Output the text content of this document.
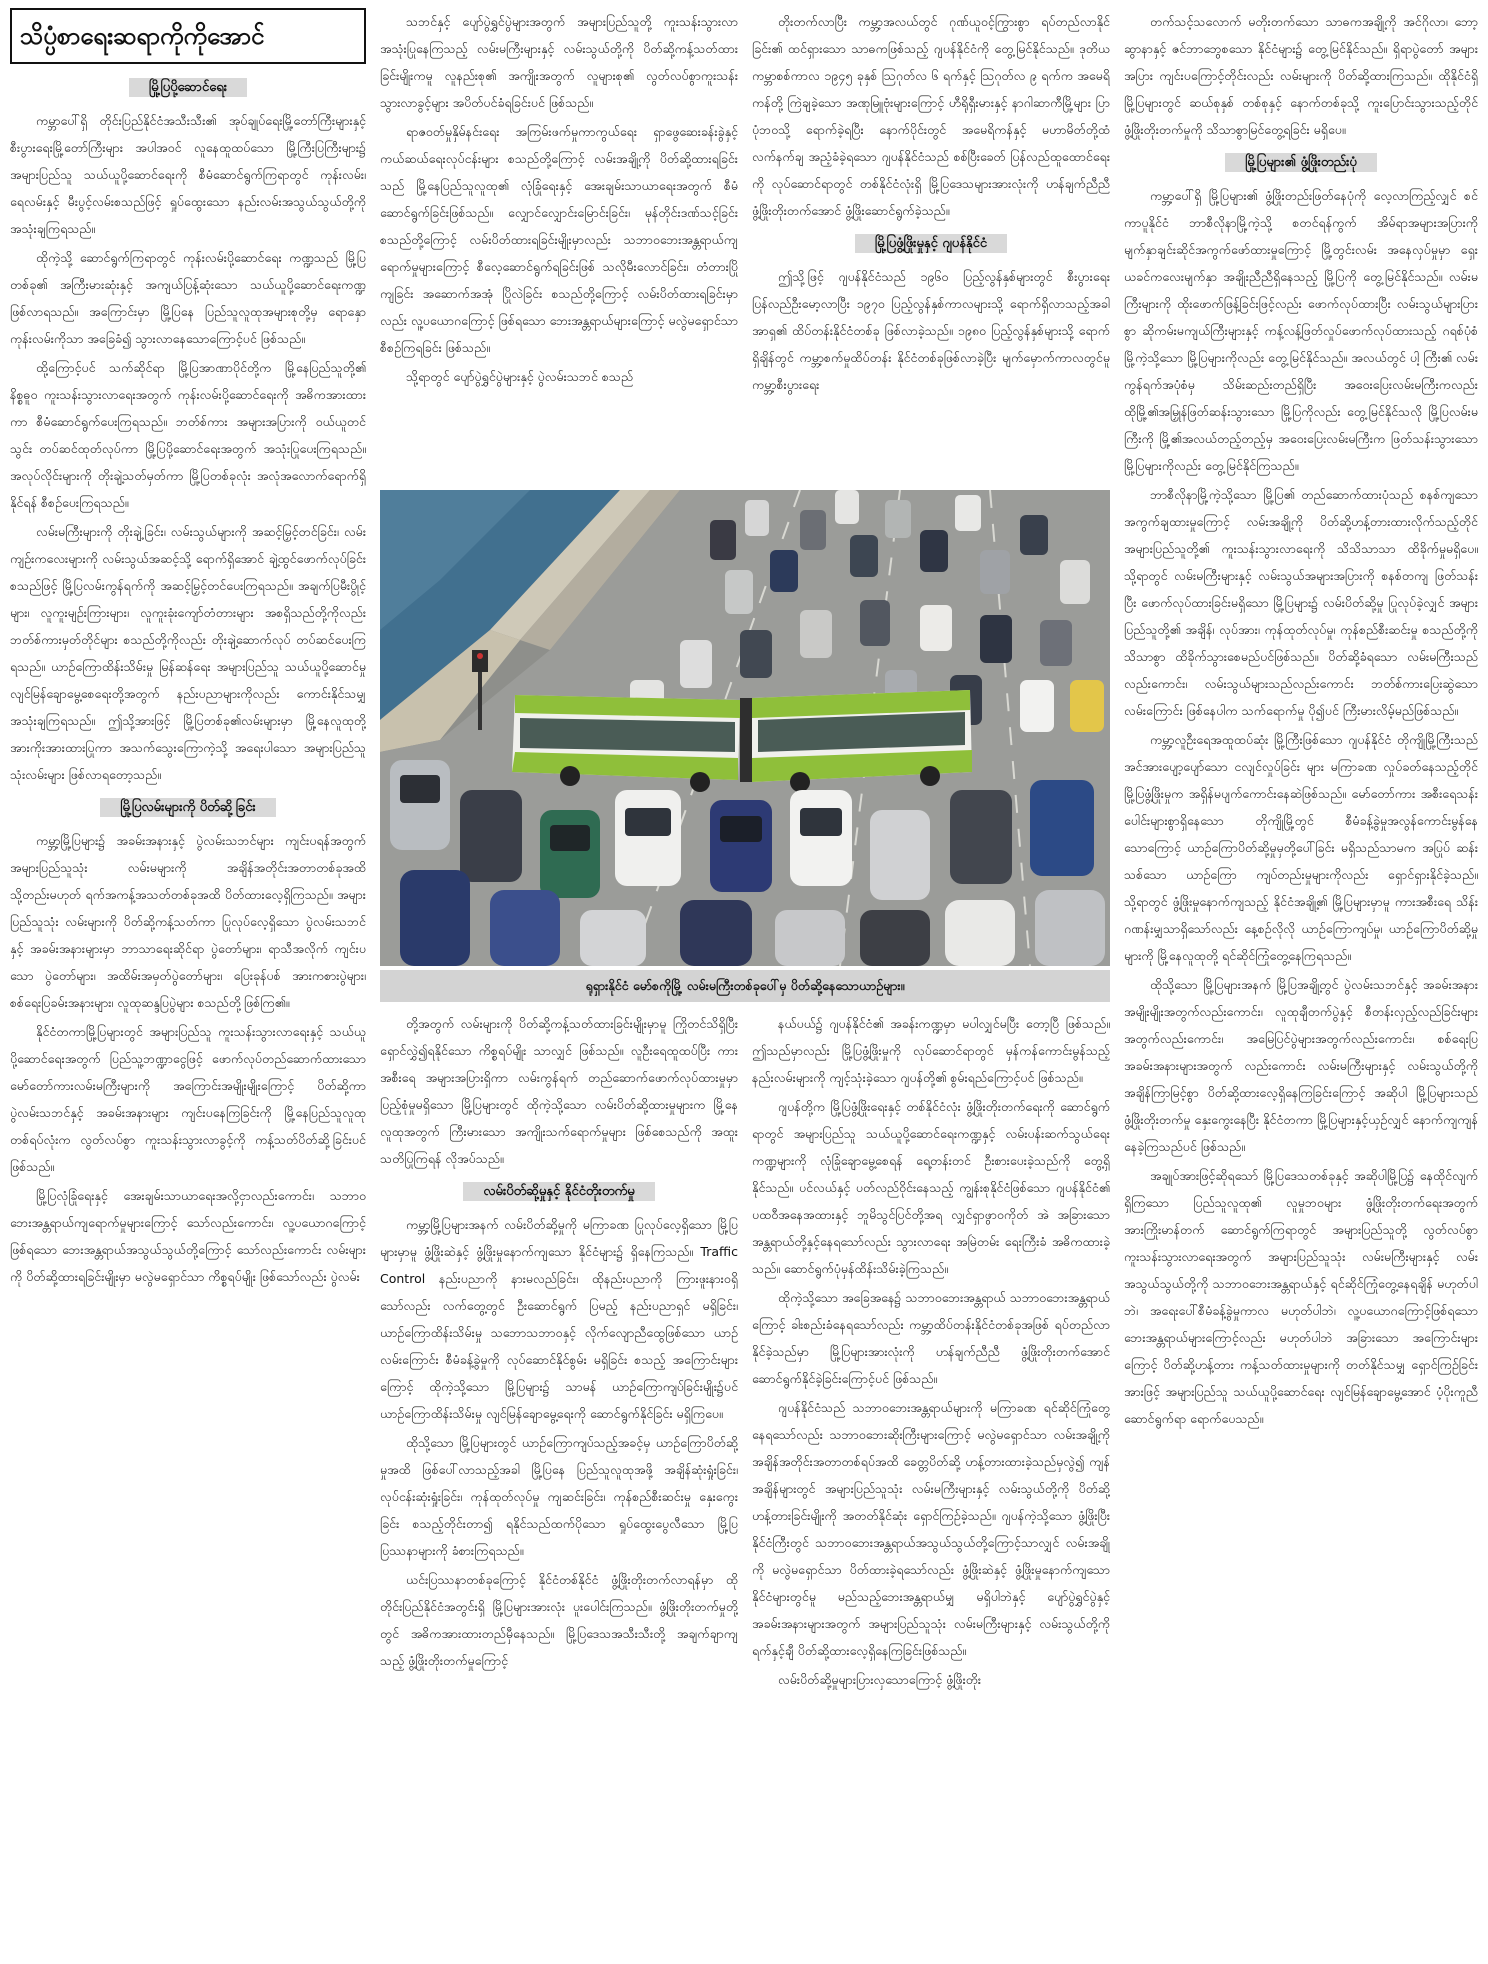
သိပ္ပံစာရေးဆရာကိုကိုအောင်
မြို့ပြပို့ဆောင်ရေး

ကမ္ဘာပေါ်ရှိ တိုင်းပြည်နိုင်ငံအသီးသီး၏ အုပ်ချုပ်ရေးမြို့တော်ကြီးများနှင့် စီးပွားရေးမြို့တော်ကြီးများ အပါအဝင် လူနေထူထပ်သော မြို့ကြီးပြကြီးများ၌ အများပြည်သူ သယ်ယူပို့ဆောင်ရေးကို စီမံဆောင်ရွက်ကြရာတွင် ကုန်းလမ်း၊ ရေလမ်းနှင့် မီးပွင့်လမ်းစသည်ဖြင့် ရှုပ်ထွေးသော နည်းလမ်းအသွယ်သွယ်တို့ကို အသုံးချကြရသည်။

ထိုကဲ့သို့ ဆောင်ရွက်ကြရာတွင် ကုန်းလမ်းပို့ဆောင်ရေး ကဏ္ဍသည် မြို့ပြတစ်ခု၏ အကြီးမားဆုံးနှင့် အကျယ်ပြန့်ဆုံးသော သယ်ယူပို့ဆောင်ရေးကဏ္ဍ ဖြစ်လာရသည်။ အကြောင်းမှာ မြို့ပြနေ ပြည်သူလူထုအများစုတို့မှ ရောနှောကုန်းလမ်းကိုသာ အခြေခံ၍ သွားလာနေသောကြောင့်ပင် ဖြစ်သည်။

ထို့ကြောင့်ပင် သက်ဆိုင်ရာ မြို့ပြအာဏာပိုင်တို့က မြို့နေပြည်သူတို့၏ နိစ္စဓူဝ ကူးသန်းသွားလာရေးအတွက် ကုန်းလမ်းပို့ဆောင်ရေးကို အဓိကအားထားကာ စီမံဆောင်ရွက်ပေးကြရသည်။ ဘတ်စ်ကား အများအပြားကို ဝယ်ယူတင်သွင်း တပ်ဆင်ထုတ်လုပ်ကာ မြို့ပြပို့ဆောင်ရေးအတွက် အသုံးပြုပေးကြရသည်။ အလုပ်လိုင်းများကို တိုးချဲ့သတ်မှတ်ကာ မြို့ပြတစ်ခုလုံး အလုံအလောက်ရောက်ရှိနိုင်ရန် စီစဉ်ပေးကြရသည်။

လမ်းမကြီးများကို တိုးချဲ့ခြင်း၊ လမ်းသွယ်များကို အဆင့်မြှင့်တင်ခြင်း၊ လမ်းကျဉ်းကလေးများကို လမ်းသွယ်အဆင့်သို့ ရောက်ရှိအောင် ချဲ့ထွင်ဖောက်လုပ်ခြင်း စသည်ဖြင့် မြို့ပြလမ်းကွန်ရက်ကို အဆင့်မြှင့်တင်ပေးကြရသည်။ အချက်ပြမီးပွိုင့်များ၊ လူကူးမျဉ်းကြားများ၊ လူကူးခုံးကျော်တံတားများ အစရှိသည်တို့ကိုလည်း ဘတ်စ်ကားမှတ်တိုင်များ စသည်တို့ကိုလည်း တိုးချဲ့ဆောက်လုပ် တပ်ဆင်ပေးကြရသည်။ ယာဉ်ကြောထိန်းသိမ်းမှု မြန်ဆန်ရေး အများပြည်သူ သယ်ယူပို့ဆောင်မှု လျင်မြန်ချောမွေ့စေရေးတို့အတွက် နည်းပညာများကိုလည်း ကောင်းနိုင်သမျှ အသုံးချကြရသည်။ ဤသို့အားဖြင့် မြို့ပြတစ်ခု၏လမ်းများမှာ မြို့နေလူထုတို့ အားကိုးအားထားပြုကာ အသက်သွေးကြောကဲ့သို့ အရေးပါသော အများပြည်သူသုံးလမ်းများ ဖြစ်လာရတော့သည်။

မြို့ပြလမ်းများကို ပိတ်ဆို့ခြင်း

ကမ္ဘာ့မြို့ပြများ၌ အခမ်းအနားနှင့် ပွဲလမ်းသဘင်များ ကျင်းပရန်အတွက် အများပြည်သူသုံး လမ်းမများကို အချိန်အတိုင်းအတာတစ်ခုအထိ သို့တည်းမဟုတ် ရက်အကန့်အသတ်တစ်ခုအထိ ပိတ်ထားလေ့ရှိကြသည်။ အများပြည်သူသုံး လမ်းများကို ပိတ်ဆို့ကန့်သတ်ကာ ပြုလုပ်လေ့ရှိသော ပွဲလမ်းသဘင်နှင့် အခမ်းအနားများမှာ ဘာသာရေးဆိုင်ရာ ပွဲတော်များ၊ ရာသီအလိုက် ကျင်းပသော ပွဲတော်များ၊ အထိမ်းအမှတ်ပွဲတော်များ၊ ပြေးခုန်ပစ် အားကစားပွဲများ၊ စစ်ရေးပြခမ်းအနားများ၊ လူထုဆန္ဒပြပွဲများ စသည်တို့ဖြစ်ကြ၏။

နိုင်ငံတကာမြို့ပြများတွင် အများပြည်သူ ကူးသန်းသွားလာရေးနှင့် သယ်ယူပို့ဆောင်ရေးအတွက် ပြည်သူ့ဘဏ္ဍာငွေဖြင့် ဖောက်လုပ်တည်ဆောက်ထားသော မော်တော်ကားလမ်းမကြီးများကို အကြောင်းအမျိုးမျိုးကြောင့် ပိတ်ဆို့ကာ ပွဲလမ်းသဘင်နှင့် အခမ်းအနားများ ကျင်းပနေကြခြင်းကို မြို့နေပြည်သူလူထုတစ်ရပ်လုံးက လွတ်လပ်စွာ ကူးသန်းသွားလာခွင့်ကို ကန့်သတ်ပိတ်ဆို့ခြင်းပင် ဖြစ်သည်။

မြို့ပြလုံခြုံရေးနှင့် အေးချမ်းသာယာရေးအလို့ငှာလည်းကောင်း၊ သဘာဝဘေးအန္တရာယ်ကျရောက်မှုများကြောင့် သော်လည်းကောင်း၊ လူ့ပယောဂကြောင့် ဖြစ်ရသော ဘေးအန္တရာယ်အသွယ်သွယ်တို့ကြောင့် သော်လည်းကောင်း လမ်းများကို ပိတ်ဆို့ထားရခြင်းမျိုးမှာ မလွဲမရှောင်သာ ကိစ္စရပ်မျိုး ဖြစ်သော်လည်း ပွဲလမ်း

သဘင်နှင့် ပျော်ပွဲရွှင်ပွဲများအတွက် အများပြည်သူတို့ ကူးသန်းသွားလာ အသုံးပြုနေကြသည့် လမ်းမကြီးများနှင့် လမ်းသွယ်တို့ကို ပိတ်ဆို့ကန့်သတ်ထားခြင်းမျိုးကမူ လူနည်းစု၏ အကျိုးအတွက် လူများစု၏ လွတ်လပ်စွာကူးသန်းသွားလာခွင့်များ အပိတ်ပင်ခံရခြင်းပင် ဖြစ်သည်။

ရာဇဝတ်မှုနှိမ်နင်းရေး အကြမ်းဖက်မှုကာကွယ်ရေး ရှာဖွေဆေးခန်းခွဲနှင့် ကယ်ဆယ်ရေးလုပ်ငန်းများ စသည်တို့ကြောင့် လမ်းအချို့ကို ပိတ်ဆို့ထားရခြင်းသည် မြို့နေပြည်သူလူထု၏ လုံခြုံရေးနှင့် အေးချမ်းသာယာရေးအတွက် စီမံဆောင်ရွက်ခြင်းဖြစ်သည်။ လျှောင်လျှောင်းမြောင်းခြင်း၊ မုန်တိုင်းဒဏ်သင့်ခြင်း စသည်တို့ကြောင့် လမ်းပိတ်ထားရခြင်းမျိုးမှာလည်း သဘာဝဘေးအန္တရာယ်ကျရောက်မှုများကြောင့် စီလေ့ဆောင်ရွက်ရခြင်းဖြစ် သလိုမီးလောင်ခြင်း၊ တံတားပြိုကျခြင်း အဆောက်အအုံ ပြိုလဲခြင်း စသည်တို့ကြောင့် လမ်းပိတ်ထားရခြင်းမှာလည်း လူ့ပယောဂကြောင့် ဖြစ်ရသော ဘေးအန္တရာယ်များကြောင့် မလွဲမရှောင်သာ စီစဉ်ကြရခြင်း ဖြစ်သည်။

သို့ရာတွင် ပျော်ပွဲရွှင်ပွဲများနှင့် ပွဲလမ်းသဘင် စသည်

တိုးတက်လာပြီး ကမ္ဘာ့အလယ်တွင် ဂုဏ်ယူဝင့်ကြွားစွာ ရပ်တည်လာနိုင်ခြင်း၏ ထင်ရှားသော သာဓကဖြစ်သည့် ဂျပန်နိုင်ငံကို တွေ့မြင်နိုင်သည်။ ဒုတိယကမ္ဘာစစ်ကာလ ၁၉၄၅ ခုနှစ် ဩဂုတ်လ ၆ ရက်နှင့် ဩဂုတ်လ ၉ ရက်က အမေရိကန်တို့ ကြဲချခဲ့သော အဏုမြူဗုံးများကြောင့် ဟီရိုရှီးမားနှင့် နာဂါဆာကီမြို့များ ပြာပုံဘဝသို့ ရောက်ခဲ့ရပြီး နောက်ပိုင်းတွင် အမေရိကန်နှင့် မဟာမိတ်တို့ထံ လက်နက်ချ အညံ့ခံခဲ့ရသော ဂျပန်နိုင်ငံသည် စစ်ပြီးခေတ် ပြန်လည်ထူထောင်ရေးကို လုပ်ဆောင်ရာတွင် တစ်နိုင်ငံလုံးရှိ မြို့ပြဒေသများအားလုံးကို ဟန်ချက်ညီညီ ဖွံ့ဖြိုးတိုးတက်အောင် ဖွံ့ဖြိုးဆောင်ရွက်ခဲ့သည်။

မြို့ပြဖွံ့ဖြိုးမှုနှင့် ဂျပန်နိုင်ငံ

ဤသို့ဖြင့် ဂျပန်နိုင်ငံသည် ၁၉၆၀ ပြည့်လွန်နှစ်များတွင် စီးပွားရေး ပြန်လည်ဦးမော့လာပြီး ၁၉၇၀ ပြည့်လွန်နှစ်ကာလများသို့ ရောက်ရှိလာသည့်အခါ အာရှ၏ ထိပ်တန်းနိုင်ငံတစ်ခု ဖြစ်လာခဲ့သည်။ ၁၉၈၀ ပြည့်လွန်နှစ်များသို့ ရောက်ရှိချိန်တွင် ကမ္ဘာ့စက်မှုထိပ်တန်း နိုင်ငံတစ်ခုဖြစ်လာခဲ့ပြီး မျက်မှောက်ကာလတွင်မူ ကမ္ဘာ့စီးပွားရေး

ရုရှားနိုင်ငံ မော်စကိုမြို့ လမ်းမကြီးတစ်ခုပေါ်မှ ပိတ်ဆို့နေသောယာဉ်များ။

တို့အတွက် လမ်းများကို ပိတ်ဆို့ကန့်သတ်ထားခြင်းမျိုးမှာမူ ကြိုတင်သိရှိပြီး ရှောင်လွှဲ၍ရနိုင်သော ကိစ္စရပ်မျိုး သာလျှင် ဖြစ်သည်။ လူဦးရေထူထပ်ပြီး ကားအစီးရေ အများအပြားရှိကာ လမ်းကွန်ရက် တည်ဆောက်ဖောက်လုပ်ထားမှုမှာ ပြည့်စုံမှုမရှိသော မြို့ပြများတွင် ထိုကဲ့သို့သော လမ်းပိတ်ဆို့ထားမှုများက မြို့နေလူထုအတွက် ကြီးမားသော အကျိုးသက်ရောက်မှုများ ဖြစ်စေသည်ကို အထူးသတိပြုကြရန် လိုအပ်သည်။

လမ်းပိတ်ဆို့မှုနှင့် နိုင်ငံတိုးတက်မှု

ကမ္ဘာ့မြို့ပြများအနက် လမ်းပိတ်ဆို့မှုကို မကြာခဏ ပြုလုပ်လေ့ရှိသော မြို့ပြများမှာမူ ဖွံ့ဖြိုးဆဲနှင့် ဖွံ့ဖြိုးမှုနောက်ကျသော နိုင်ငံများ၌ ရှိနေကြသည်။ Traffic Control နည်းပညာကို နားမလည်ခြင်း၊ ထိုနည်းပညာကို ကြားဖူးနားဝရှိသော်လည်း လက်တွေ့တွင် ဦးဆောင်ရွက် ပြမည့် နည်းပညာရှင် မရှိခြင်း၊ ယာဉ်ကြောထိန်းသိမ်းမှု သဘောသဘာဝနှင့် လိုက်လျောညီထွေဖြစ်သော ယာဉ်လမ်းကြောင်း စီမံခန့်ခွဲမှုကို လုပ်ဆောင်နိုင်စွမ်း မရှိခြင်း စသည့် အကြောင်းများကြောင့် ထိုကဲ့သို့သော မြို့ပြများ၌ သာမန် ယာဉ်ကြောကျပ်ခြင်းမျိုး၌ပင် ယာဉ်ကြောထိန်းသိမ်းမှု လျင်မြန်ချောမွေ့ရေးကို ဆောင်ရွက်နိုင်ခြင်း မရှိကြပေ။

ထိုသို့သော မြို့ပြများတွင် ယာဉ်ကြောကျပ်သည့်အခင့်မှ ယာဉ်ကြောပိတ်ဆို့မှုအထိ ဖြစ်ပေါ်လာသည့်အခါ မြို့ပြနေ ပြည်သူလူထုအဖို့ အချိန်ဆုံးရှုံးခြင်း၊ လုပ်ငန်းဆုံးရှုံးခြင်း၊ ကုန်ထုတ်လုပ်မှု ကျဆင်းခြင်း၊ ကုန်စည်စီးဆင်းမှု နှေးကွေးခြင်း စသည့်တိုင်းတာ၍ ရနိုင်သည်ထက်ပိုသော ရှုပ်ထွေးပွေလီသော မြို့ပြပြဿနာများကို ခံစားကြရသည်။

ယင်းပြဿနာတစ်ခုကြောင့် နိုင်ငံတစ်နိုင်ငံ ဖွံ့ဖြိုးတိုးတက်လာရန်မှာ ထိုတိုင်းပြည်နိုင်ငံအတွင်းရှိ မြို့ပြများအားလုံး ပူးပေါင်းကြသည်။ ဖွံ့ဖြိုးတိုးတက်မှုတို့တွင် အဓိကအားထားတည်မှီနေသည်။ မြို့ပြဒေသအသီးသီးတို့ အချက်ချာကျသည့် ဖွံ့ဖြိုးတိုးတက်မှုကြောင့်

နယ်ပယ်၌ ဂျပန်နိုင်ငံ၏ အခန်းကဏ္ဍမှာ မပါလျှင်မပြီး တော့ပြီ ဖြစ်သည်။ ဤသည်မှာလည်း မြို့ပြဖွံ့ဖြိုးမှုကို လုပ်ဆောင်ရာတွင် မှန်ကန်ကောင်းမွန်သည့် နည်းလမ်းများကို ကျင့်သုံးခဲ့သော ဂျပန်တို့၏ စွမ်းရည်ကြောင့်ပင် ဖြစ်သည်။

ဂျပန်တို့က မြို့ပြဖွံ့ဖြိုးရေးနှင့် တစ်နိုင်ငံလုံး ဖွံ့ဖြိုးတိုးတက်ရေးကို ဆောင်ရွက်ရာတွင် အများပြည်သူ သယ်ယူပို့ဆောင်ရေးကဏ္ဍနှင့် လမ်းပန်းဆက်သွယ်ရေး ကဏ္ဍများကို လုံခြုံချောမွေ့စေရန် ရေ့တန်းတင် ဦးစားပေးခဲ့သည်ကို တွေ့ရှိနိုင်သည်။ ပင်လယ်နှင့် ပတ်လည်ဝိုင်းနေသည့် ကျွန်းစုနိုင်ငံဖြစ်သော ဂျပန်နိုင်ငံ၏ ပထဝီအနေအထားနှင့် ဘူမိသွင်ပြင်တို့အရ လျှင်ရှာဖွာဝကိုတ် အဲ အခြားသော အန္တရာယ်တို့နှင့်နေရသော်လည်း သွားလာရေး အမြဲတမ်း ရေးကြီးခံ အဓိကထားခဲ့သည်။ ဆောင်ရွက်ပုံမှန်ထိန်းသိမ်းခဲ့ကြသည်။

ထိုကဲ့သို့သော အခြေအနေ၌ သဘာဝဘေးအန္တရာယ် သဘာဝဘေးအန္တရာယ်ကြောင့် ခါးစည်းခံနေရသော်လည်း ကမ္ဘာ့ထိပ်တန်းနိုင်ငံတစ်ခုအဖြစ် ရပ်တည်လာနိုင်ခဲ့သည်မှာ မြို့ပြများအားလုံးကို ဟန်ချက်ညီညီ ဖွံ့ဖြိုးတိုးတက်အောင် ဆောင်ရွက်နိုင်ခဲ့ခြင်းကြောင့်ပင် ဖြစ်သည်။

ဂျပန်နိုင်ငံသည် သဘာဝဘေးအန္တရာယ်များကို မကြာခဏ ရင်ဆိုင်ကြုံတွေ့နေရသော်လည်း သဘာဝဘေးဆိုးကြီးများကြောင့် မလွဲမရှောင်သာ လမ်းအချို့ကို အချိန်အတိုင်းအတာတစ်ရပ်အထိ ခေတ္တပိတ်ဆို့ ဟန့်တားထားခဲ့သည်မှလွဲ၍ ကျန်အချိန်များတွင် အများပြည်သူသုံး လမ်းမကြီးများနှင့် လမ်းသွယ်တို့ကို ပိတ်ဆို့ဟန့်တားခြင်းမျိုးကို အတတ်နိုင်ဆုံး ရှောင်ကြဉ်ခဲ့သည်။ ဂျပန်ကဲ့သို့သော ဖွံ့ဖြိုးပြီးနိုင်ငံကြီးတွင် သဘာဝဘေးအန္တရာယ်အသွယ်သွယ်တို့ကြောင့်သာလျှင် လမ်းအချို့ကို မလွဲမရှောင်သာ ပိတ်ထားခဲ့ရသော်လည်း ဖွံ့ဖြိုးဆဲနှင့် ဖွံ့ဖြိုးမှုနောက်ကျသော နိုင်ငံများတွင်မူ မည်သည့်ဘေးအန္တရာယ်မျှ မရှိပါဘဲနှင့် ပျော်ပွဲရွှင်ပွဲနှင့် အခမ်းအနားများအတွက် အများပြည်သူသုံး လမ်းမကြီးများနှင့် လမ်းသွယ်တို့ကို ရက်နှင့်ချီ ပိတ်ဆို့ထားလေ့ရှိနေကြခြင်းဖြစ်သည်။

လမ်းပိတ်ဆို့မှုများပြားလှသောကြောင့် ဖွံ့ဖြိုးတိုး

တက်သင့်သလောက် မတိုးတက်သော သာဓကအချို့ကို အင်ဂိုလာ၊ ဘော့ဆွာနာနှင့် ဇင်ဘာဘွေစသော နိုင်ငံများ၌ တွေ့မြင်နိုင်သည်။ ရှိရာပွဲတော် အများအပြား ကျင်းပကြောင့်တိုင်းလည်း လမ်းများကို ပိတ်ဆို့ထားကြသည်။ ထိုနိုင်ငံရှိ မြို့ပြများတွင် ဆယ်စုနှစ် တစ်စုနှင့် နောက်တစ်ခုသို့ ကူးပြောင်းသွားသည့်တိုင် ဖွံ့ဖြိုးတိုးတက်မှုကို သိသာစွာမြင်တွေ့ရခြင်း မရှိပေ။

မြို့ပြများ၏ ဖွံ့ဖြိုးတည်းပုံ

ကမ္ဘာ့ပေါ်ရှိ မြို့ပြများ၏ ဖွံ့ဖြိုးတည်းဖြတ်နေပုံကို လေ့လာကြည့်လျှင် စင်ကာပူနိုင်ငံ ဘာစီလိုနာမြို့ကဲ့သို့ စတင်ရန်ကွက် အိမ်ရာအများအပြားကို မျက်နှာချင်းဆိုင်အကွက်ဖော်ထားမှုကြောင့် မြို့တွင်းလမ်း အနေလှပ်မှုမှာ ရှေးယခင်ကလေးမျက်နှာ အချိုးညီညီရှိနေသည့် မြို့ပြကို တွေ့မြင်နိုင်သည်။ လမ်းမကြီးများကို ထိုးဖောက်ဖြန့်ခြင်းဖြင့်လည်း ဖောက်လုပ်ထားပြီး လမ်းသွယ်များပြားစွာ ဆိုကမ်းမကျယ်ကြီးများနှင့် ကန့်လန့်ဖြတ်လှုပ်ဖောက်လုပ်ထားသည့် ဂရစ်ပုံစံ မြို့ကဲ့သို့သော မြို့ပြများကိုလည်း တွေ့မြင်နိုင်သည်။ အလယ်တွင် ပါ့ ကြီး၏ လမ်းကွန်ရက်အပုံစံမှ သိမ်းဆည်းတည်ရှိပြီး အဝေးပြေးလမ်းမကြီးကလည်း ထိုမြို့၏အမြှုန်ဖြတ်ဆန်းသွားသော မြို့ပြကိုလည်း တွေ့မြင်နိုင်သလို မြို့ပြလမ်းမကြီးကို မြို့၏အလယ်တည့်တည့်မှ အဝေးပြေးလမ်းမကြီးက ဖြတ်သန်းသွားသော မြို့ပြများကိုလည်း တွေ့မြင်နိုင်ကြသည်။

ဘာစီလိုနာမြို့ကဲ့သို့သော မြို့ပြ၏ တည်ဆောက်ထားပုံသည် စနစ်ကျသော အကွက်ချထားမှုကြောင့် လမ်းအချို့ကို ပိတ်ဆို့ဟန့်တားထားလိုက်သည့်တိုင် အများပြည်သူတို့၏ ကူးသန်းသွားလာရေးကို သိသိသာသာ ထိခိုက်မှုမရှိပေ။ သို့ရာတွင် လမ်းမကြီးများနှင့် လမ်းသွယ်အများအပြားကို စနစ်တကျ ဖြတ်သန်းပြီး ဖောက်လုပ်ထားခြင်းမရှိသော မြို့ပြများ၌ လမ်းပိတ်ဆို့မှု ပြုလုပ်ခဲ့လျှင် အများပြည်သူတို့၏ အချိန်၊ လုပ်အား၊ ကုန်ထုတ်လုပ်မှု၊ ကုန်စည်စီးဆင်းမှု စသည်တို့ကို သိသာစွာ ထိခိုက်သွားစေမည်ပင်ဖြစ်သည်။ ပိတ်ဆို့ခံရသော လမ်းမကြီးသည်လည်းကောင်း၊ လမ်းသွယ်များသည်လည်းကောင်း ဘတ်စ်ကားပြေးဆွဲသော လမ်းကြောင်း ဖြစ်နေပါက သက်ရောက်မှု ပို၍ပင် ကြီးမားလိမ့်မည်ဖြစ်သည်။

ကမ္ဘာ့လူဦးရေအထူထပ်ဆုံး မြို့ကြီးဖြစ်သော ဂျပန်နိုင်ငံ တိုကျိုမြို့ကြီးသည် အင်အားပျော့ပျော်သော ငလျင်လှုပ်ခြင်း များ မကြာခဏ လှုပ်ခတ်နေသည့်တိုင် မြို့ပြဖွံ့ဖြိုးမှုက အရှိန်မပျက်ကောင်းနေဆဲဖြစ်သည်။ မော်တော်ကား အစီးရေသန်းပေါင်းများစွာရှိနေသော တိုကျိုမြို့တွင် စီမံခန့်ခွဲမှုအလွန်ကောင်းမွန်နေသောကြောင့် ယာဉ်ကြောပိတ်ဆို့မှုမှတို့ပေါ်ခြင်း မရှိသည်သာမက အပြုပ် ဆန်းသစ်သော ယာဉ်ကြော ကျပ်တည်းမှုများကိုလည်း ရှောင်ရှားနိုင်ခဲ့သည်။ သို့ရာတွင် ဖွံ့ဖြိုးမှုနောက်ကျသည့် နိုင်ငံအချို့၏ မြို့ပြများမှာမူ ကားအစီးရေ သိန်းဂဏန်းမျှသာရှိသော်လည်း နေ့စဉ်လိုလို ယာဉ်ကြောကျပ်မှု၊ ယာဉ်ကြောပိတ်ဆို့မှုများကို မြို့နေလူထုတို့ ရင်ဆိုင်ကြုံတွေ့နေကြရသည်။

ထိုသို့သော မြို့ပြများအနက် မြို့ပြအချို့တွင် ပွဲလမ်းသဘင်နှင့် အခမ်းအနားအမျိုးမျိုးအတွက်လည်းကောင်း၊ လူထုချီတက်ပွဲနှင့် စီတန်းလှည့်လည်ခြင်းများ အတွက်လည်းကောင်း၊ အမြေပြင်ပွဲများအတွက်လည်းကောင်း၊ စစ်ရေးပြ အခမ်းအနားများအတွက် လည်းကောင်း လမ်းမကြီးများနှင့် လမ်းသွယ်တို့ကို အချိန်ကြာမြင့်စွာ ပိတ်ဆို့ထားလေ့ရှိနေကြခြင်းကြောင့် အဆိုပါ မြို့ပြများသည် ဖွံ့ဖြိုးတိုးတက်မှု နှေးကွေးနေပြီး နိုင်ငံတကာ မြို့ပြများနှင့်ယှဉ်လျှင် နောက်ကျကျန်နေခဲ့ကြသည်ပင် ဖြစ်သည်။

အချုပ်အားဖြင့်ဆိုရသော် မြို့ပြဒေသတစ်ခုနှင့် အဆိုပါမြို့ပြ၌ နေထိုင်လျက်ရှိကြသော ပြည်သူလူထု၏ လူမှုဘဝများ ဖွံ့ဖြိုးတိုးတက်ရေးအတွက် အားကြိုးမာန်တက် ဆောင်ရွက်ကြရာတွင် အများပြည်သူတို့ လွတ်လပ်စွာ ကူးသန်းသွားလာရေးအတွက် အများပြည်သူသုံး လမ်းမကြီးများနှင့် လမ်းအသွယ်သွယ်တို့ကို သဘာဝဘေးအန္တရာယ်နှင့် ရင်ဆိုင်ကြုံတွေ့နေရချိန် မဟုတ်ပါဘဲ၊ အရေးပေါ်စီမံခန့်ခွဲမှုကာလ မဟုတ်ပါဘဲ၊ လူ့ပယောဂကြောင့်ဖြစ်ရသော ဘေးအန္တရာယ်များကြောင့်လည်း မဟုတ်ပါဘဲ အခြားသော အကြောင်းများကြောင့် ပိတ်ဆို့ဟန့်တား ကန့်သတ်ထားမှုများကို တတ်နိုင်သမျှ ရှောင်ကြဉ်ခြင်းအားဖြင့် အများပြည်သူ သယ်ယူပို့ဆောင်ရေး လျင်မြန်ချောမွေ့အောင် ပံ့ပိုးကူညီ ဆောင်ရွက်ရာ ရောက်ပေသည်။
